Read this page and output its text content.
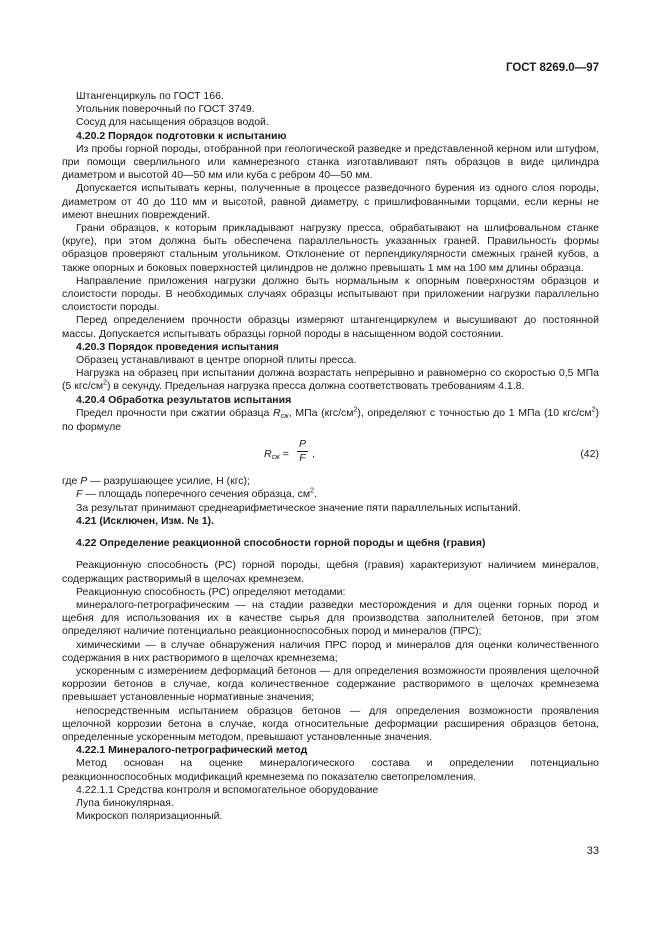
ГОСТ 8269.0—97

Штангенциркуль по ГОСТ 166.

Угольник поверочный по ГОСТ 3749.

Сосуд для насыщения образцов водой.

4.20.2 Порядок подготовки к испытанию

Из пробы горной породы, отобранной при геологической разведке и представленной керном или штуфом, при помощи сверлильного или камнерезного станка изготавливают пять образцов в виде цилиндра диаметром и высотой 40—50 мм или куба с ребром 40—50 мм.

Допускается испытывать керны, полученные в процессе разведочного бурения из одного слоя породы, диаметром от 40 до 110 мм и высотой, равной диаметру, с пришлифованными торцами, если керны не имеют внешних повреждений.

Грани образцов, к которым прикладывают нагрузку пресса, обрабатывают на шлифовальном станке (круге), при этом должна быть обеспечена параллельность указанных граней. Правильность формы образцов проверяют стальным угольником. Отклонение от перпендикулярности смежных граней кубов, а также опорных и боковых поверхностей цилиндров не должно превышать 1 мм на 100 мм длины образца.

Направление приложения нагрузки должно быть нормальным к опорным поверхностям образцов и слоистости породы. В необходимых случаях образцы испытывают при приложении нагрузки параллельно слоистости породы.

Перед определением прочности образцы измеряют штангенциркулем и высушивают до постоянной массы. Допускается испытывать образцы горной породы в насыщенном водой состоянии.

4.20.3 Порядок проведения испытания

Образец устанавливают в центре опорной плиты пресса.

Нагрузка на образец при испытании должна возрастать непрерывно и равномерно со скоростью 0,5 МПа (5 кгс/$см^2$) в секунду. Предельная нагрузка пресса должна соответствовать требованиям 4.1.8.

4.20.4 Обработка результатов испытания

Предел прочности при сжатии образца Rсж, МПа $(кгс/см^2)$, определяют с точностью до 1 МПа (10 кгс/$см^2$) по формуле

Rсж = $\frac{P}{F}$ ,	(42)

где P — разрушающее усилие, Н (кгс);

F — площадь поперечного сечения образца, $см^2$.

За результат принимают среднеарифметическое значение пяти параллельных испытаний.

4.21 (Исключен, Изм. № 1).

4.22 Определение реакционной способности горной породы и щебня (гравия)

Реакционную способность (РС) горной породы, щебня (гравия) характеризуют наличием минералов, содержащих растворимый в щелочах кремнезем.

Реакционную способность (РС) определяют методами:

минералого-петрографическим — на стадии разведки месторождения и для оценки горных пород и щебня для использования их в качестве сырья для производства заполнителей бетонов, при этом определяют наличие потенциально реакционноспособных пород и минералов (ПРС);

химическими — в случае обнаружения наличия ПРС пород и минералов для оценки количественного содержания в них растворимого в щелочах кремнезема;

ускоренным с измерением деформаций бетонов — для определения возможности проявления щелочной коррозии бетонов в случае, когда количественное содержание растворимого в щелочах кремнезема превышает установленные нормативные значения;

непосредственным испытанием образцов бетонов — для определения возможности проявления щелочной коррозии бетона в случае, когда относительные деформации расширения образцов бетона, определенные ускоренным методом, превышают установленные значения.

4.22.1 Минералого-петрографический метод

Метод основан на оценке минералогического состава и определении потенциально реакционноспособных модификаций кремнезема по показателю светопреломления.

4.22.1.1 Средства контроля и вспомогательное оборудование

Лупа бинокулярная.

Микроскоп поляризационный.

33
